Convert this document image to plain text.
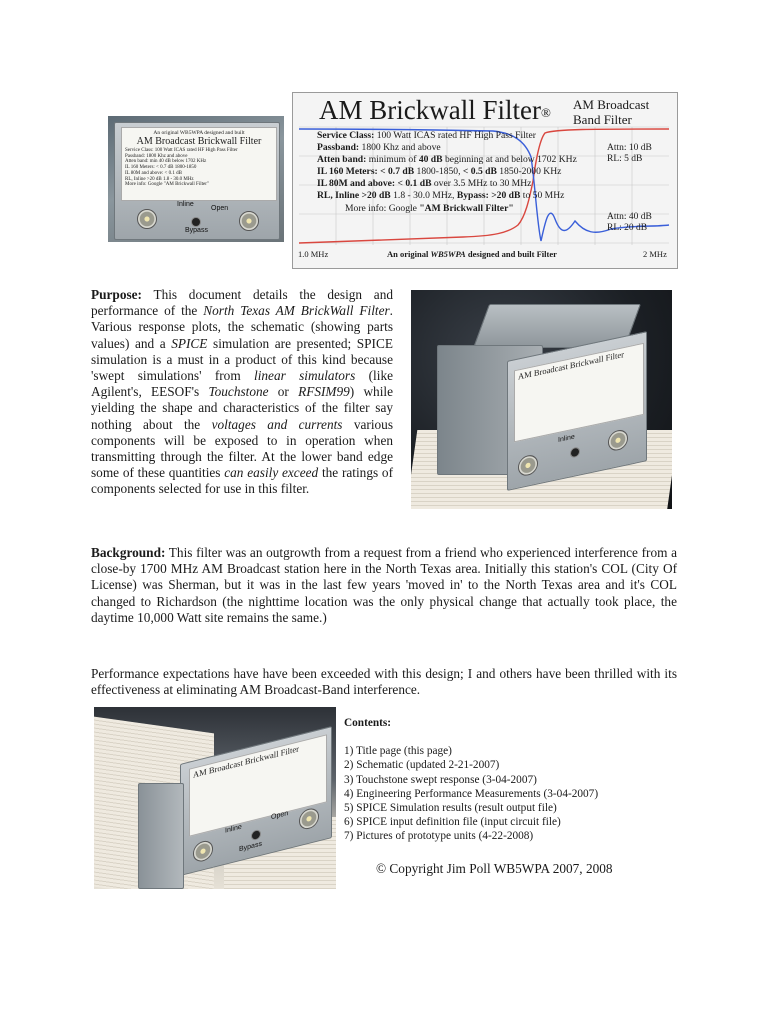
An original WB5WPA designed and built
AM Broadcast Brickwall Filter
Service Class: 100 Watt ICAS rated HF High Pass Filter
Passband: 1800 Khz and above
Atten band: min 40 dB below 1702 KHz
IL 160 Meters: < 0.7 dB 1800-1850
IL 80M and above: < 0.1 dB
RL, Inline >20 dB 1.8 - 30.0 MHz
More info: Google "AM Brickwall Filter"
Inline
Open
Bypass
AM Brickwall Filter®
AM Broadcast Band Filter
Service Class: 100 Watt ICAS rated HF High Pass Filter
Passband: 1800 Khz and above
Atten band: minimum of 40 dB beginning at and below 1702 KHz
IL 160 Meters: < 0.7 dB 1800-1850, < 0.5 dB 1850-2000 KHz
IL 80M and above: < 0.1 dB over 3.5 MHz to 30 MHz
RL, Inline >20 dB 1.8 - 30.0 MHz, Bypass: >20 dB to 50 MHz
More info: Google "AM Brickwall Filter"
Attn: 10 dB
RL: 5 dB
Attn: 40 dB
RL: 20 dB
1.0 MHz	An original WB5WPA designed and built Filter	2 MHz
Purpose: This document details the design and performance of the North Texas AM BrickWall Filter. Various response plots, the schematic (showing parts values) and a SPICE simulation are presented; SPICE simulation is a must in a product of this kind because 'swept simulations' from linear simulators (like Agilent's, EESOF's Touchstone or RFSIM99) while yielding the shape and characteristics of the filter say nothing about the voltages and currents various components will be exposed to in operation when transmitting through the filter. At the lower band edge some of these quantities can easily exceed the ratings of components selected for use in this filter.
AM Broadcast Brickwall Filter
Inline
Background: This filter was an outgrowth from a request from a friend who experienced interference from a close-by 1700 MHz AM Broadcast station here in the North Texas area. Initially this station's COL (City Of License) was Sherman, but it was in the last few years 'moved in' to the North Texas area and it's COL changed to Richardson (the nighttime location was the only physical change that actually took place, the daytime 10,000 Watt site remains the same.)
Performance expectations have have been exceeded with this design; I and others have been thrilled with its effectiveness at eliminating AM Broadcast-Band interference.
AM Broadcast Brickwall Filter
Inline
Open
Bypass
Contents:
1) Title page (this page)
2) Schematic (updated 2-21-2007)
3) Touchstone swept response (3-04-2007)
4) Engineering Performance Measurements (3-04-2007)
5) SPICE Simulation results (result output file)
6) SPICE input definition file (input circuit file)
7) Pictures of prototype units (4-22-2008)
© Copyright Jim Poll WB5WPA 2007, 2008
